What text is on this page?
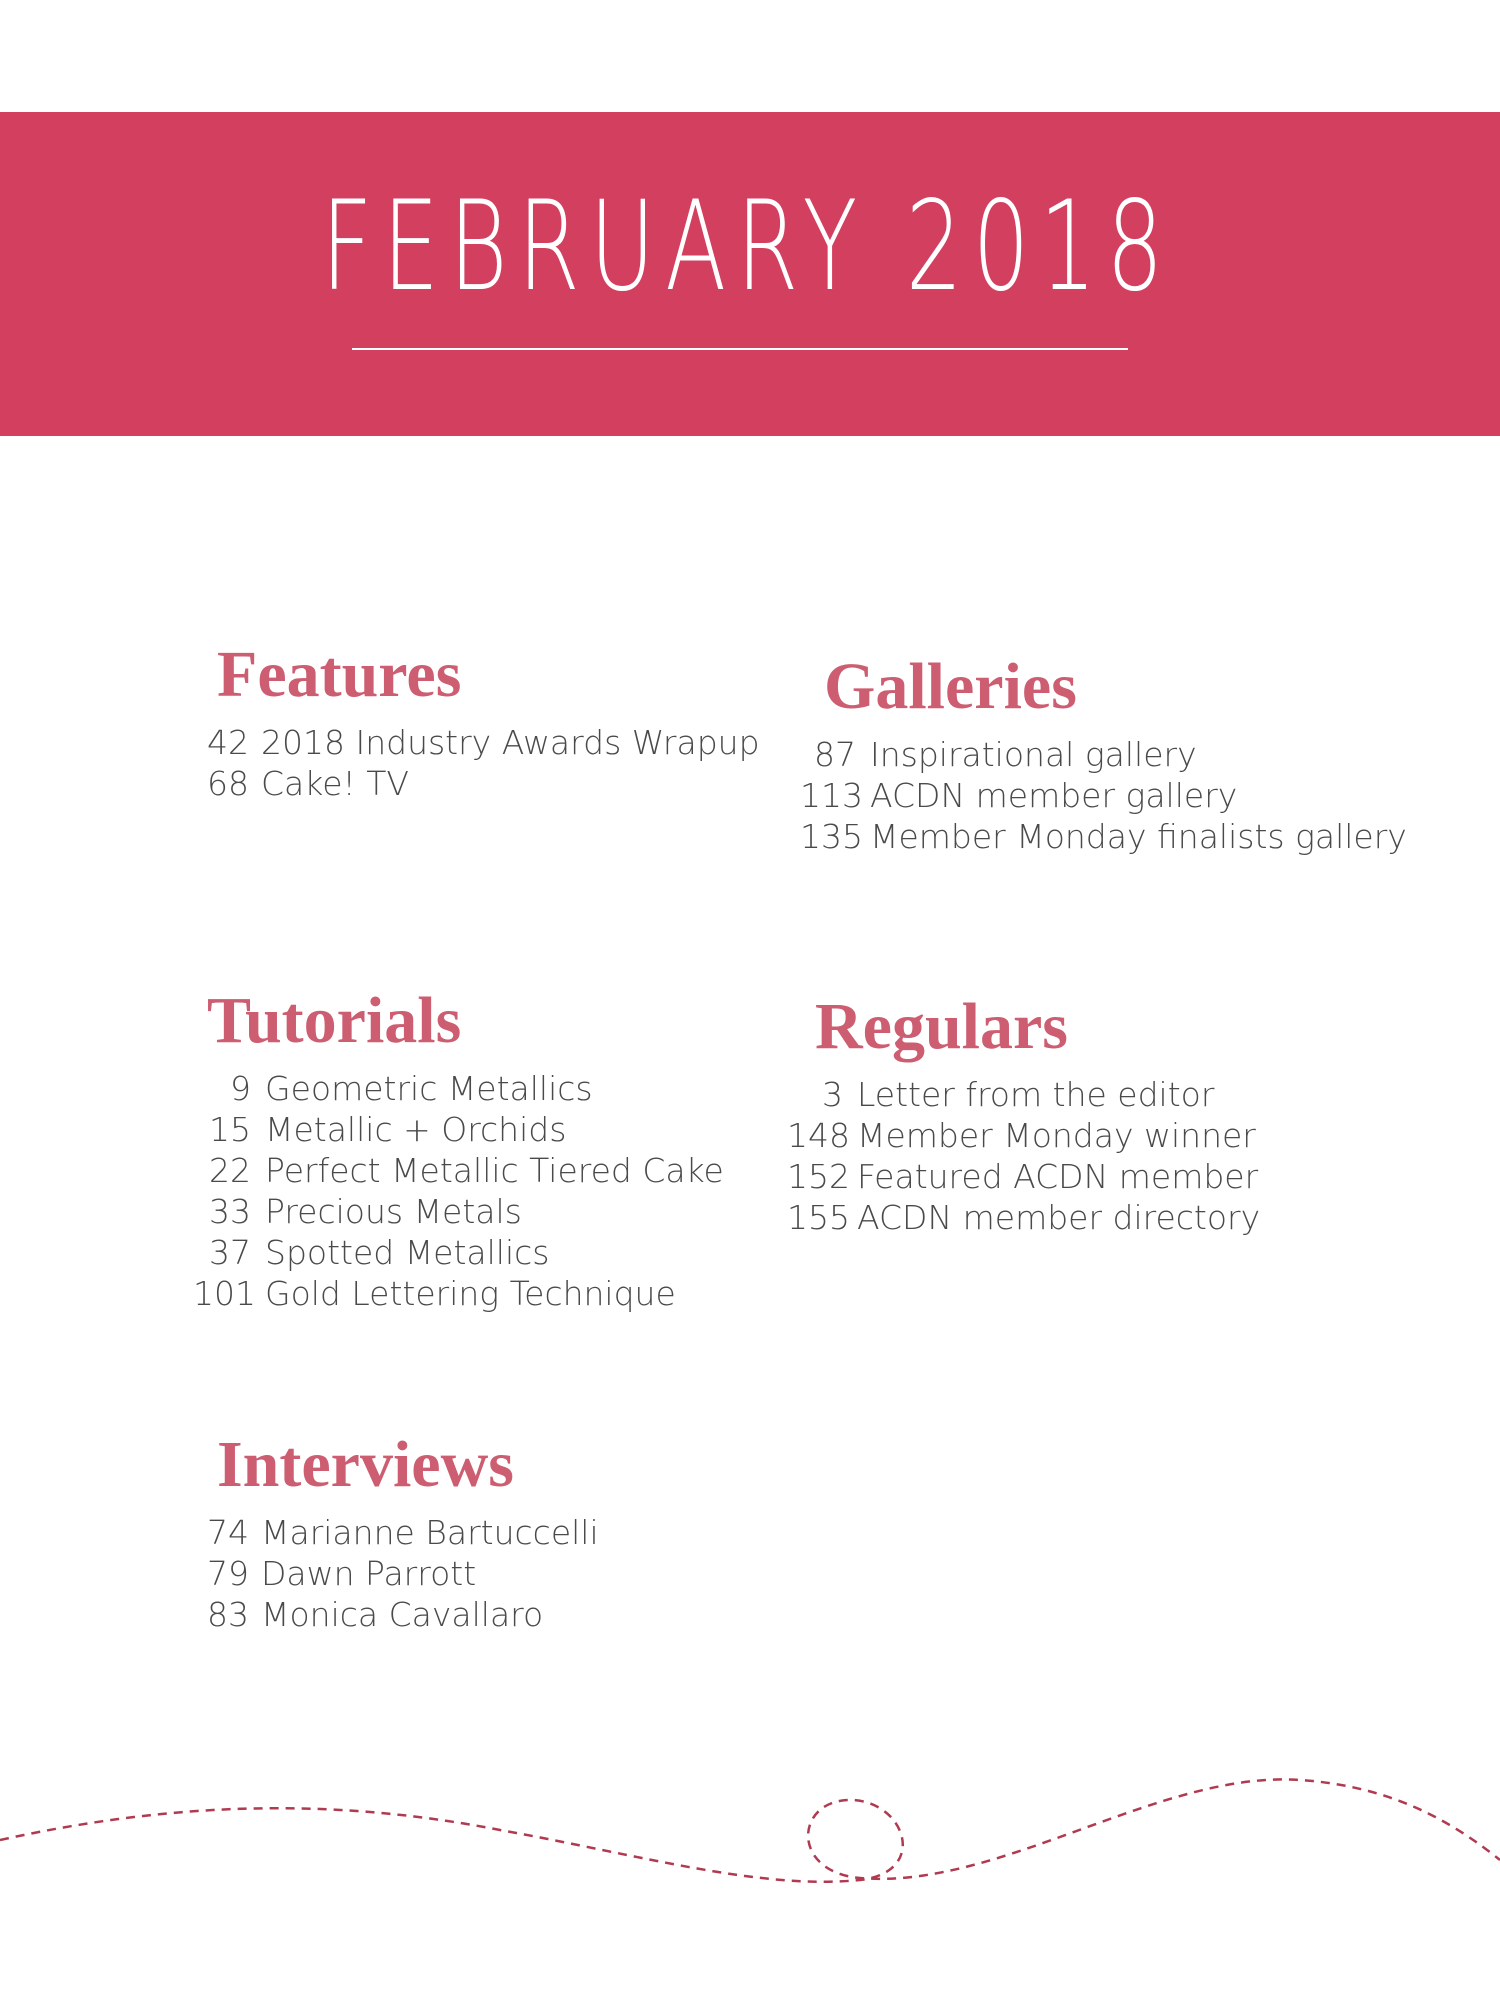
FEBRUARY 2018
Features
42 2018 Industry Awards Wrapup
68 Cake! TV
Galleries
87 Inspirational gallery
113 ACDN member gallery
135 Member Monday finalists gallery
Tutorials
9 Geometric Metallics
15 Metallic + Orchids
22 Perfect Metallic Tiered Cake
33 Precious Metals
37 Spotted Metallics
101 Gold Lettering Technique
Regulars
3 Letter from the editor
148 Member Monday winner
152 Featured ACDN member
155 ACDN member directory
Interviews
74 Marianne Bartuccelli
79 Dawn Parrott
83 Monica Cavallaro
